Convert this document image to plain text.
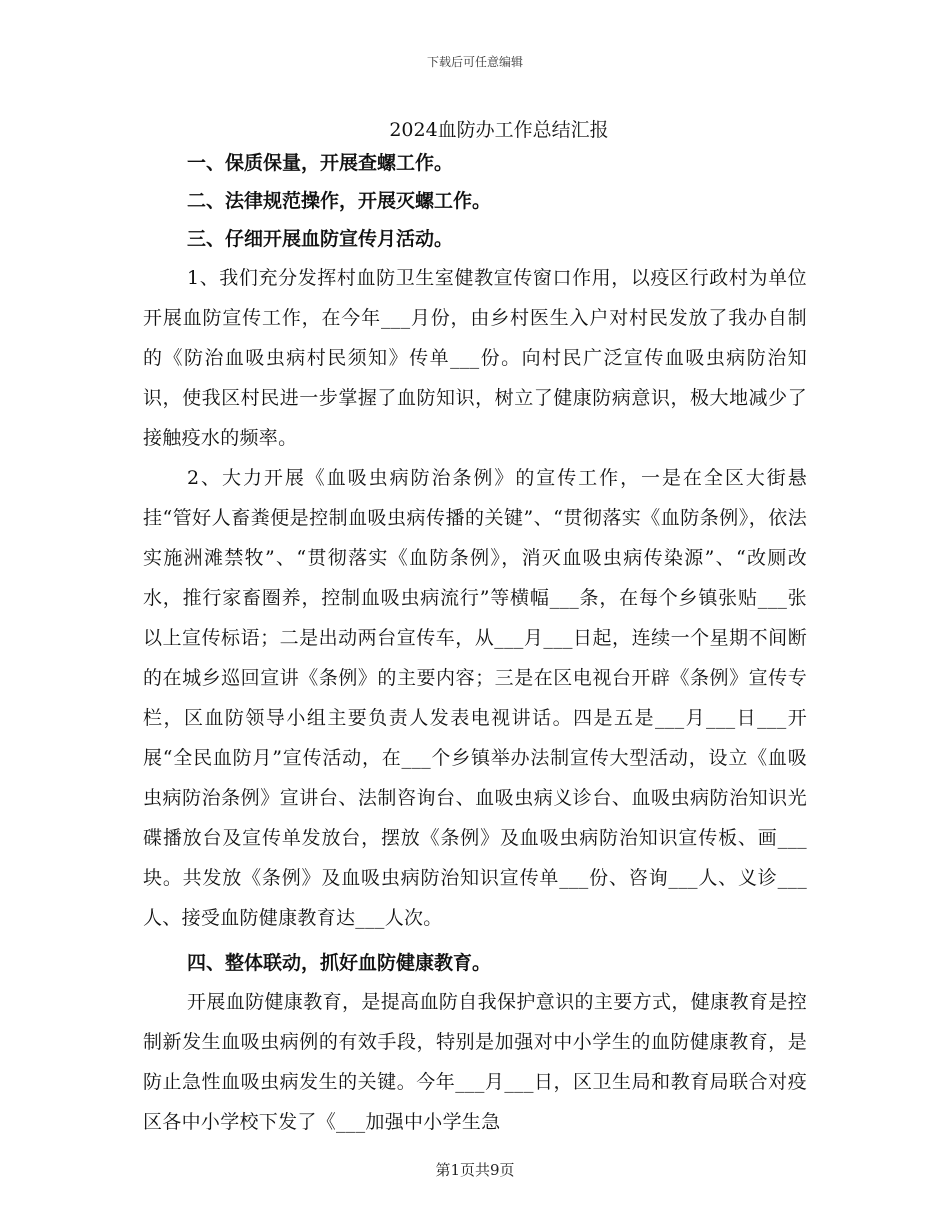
下载后可任意编辑
2024血防办工作总结汇报

一、保质保量，开展查螺工作。

二、法律规范操作，开展灭螺工作。

三、仔细开展血防宣传月活动。

1、我们充分发挥村血防卫生室健教宣传窗口作用，以疫区行政村为单位开展血防宣传工作，在今年___月份，由乡村医生入户对村民发放了我办自制的《防治血吸虫病村民须知》传单___份。向村民广泛宣传血吸虫病防治知识，使我区村民进一步掌握了血防知识，树立了健康防病意识，极大地减少了接触疫水的频率。

2、大力开展《血吸虫病防治条例》的宣传工作，一是在全区大街悬挂“管好人畜粪便是控制血吸虫病传播的关键”、“贯彻落实《血防条例》，依法实施洲滩禁牧”、“贯彻落实《血防条例》，消灭血吸虫病传染源”、“改厕改水，推行家畜圈养，控制血吸虫病流行”等横幅___条，在每个乡镇张贴___张以上宣传标语；二是出动两台宣传车，从___月___日起，连续一个星期不间断的在城乡巡回宣讲《条例》的主要内容；三是在区电视台开辟《条例》宣传专栏，区血防领导小组主要负责人发表电视讲话。四是五是___月___日___开展“全民血防月”宣传活动，在___个乡镇举办法制宣传大型活动，设立《血吸虫病防治条例》宣讲台、法制咨询台、血吸虫病义诊台、血吸虫病防治知识光碟播放台及宣传单发放台，摆放《条例》及血吸虫病防治知识宣传板、画___块。共发放《条例》及血吸虫病防治知识宣传单___份、咨询___人、义诊___人、接受血防健康教育达___人次。

四、整体联动，抓好血防健康教育。

开展血防健康教育，是提高血防自我保护意识的主要方式，健康教育是控制新发生血吸虫病例的有效手段，特别是加强对中小学生的血防健康教育，是防止急性血吸虫病发生的关键。今年___月___日，区卫生局和教育局联合对疫区各中小学校下发了《___加强中小学生急

第1页共9页
